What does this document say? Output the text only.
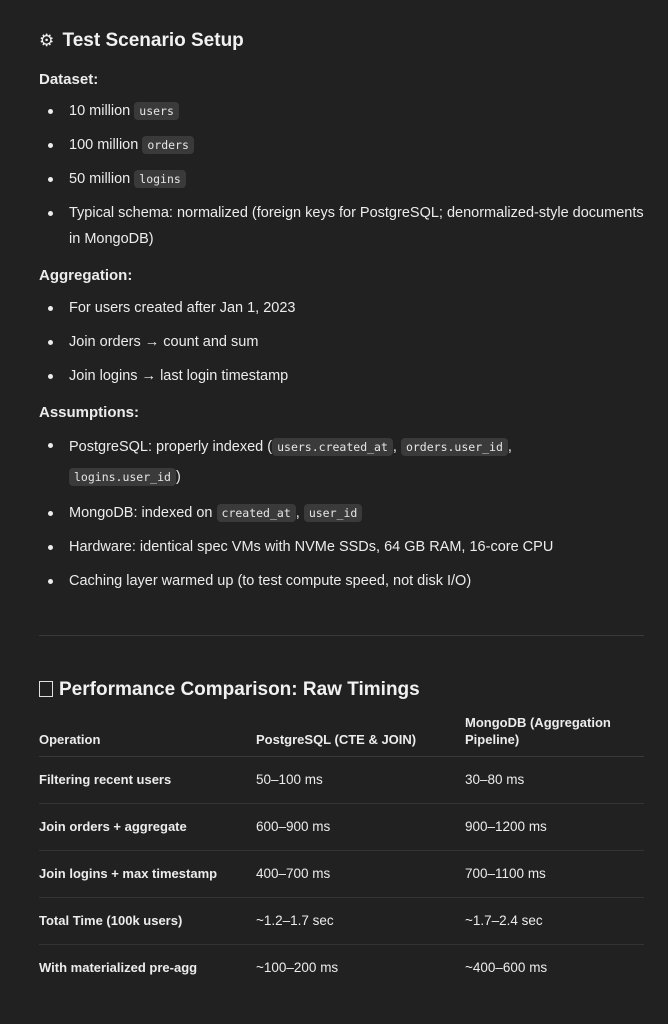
⚙ Test Scenario Setup

Dataset:

10 million users
100 million orders
50 million logins
Typical schema: normalized (foreign keys for PostgreSQL; denormalized-style documents in MongoDB)

Aggregation:

For users created after Jan 1, 2023
Join orders → count and sum
Join logins → last login timestamp

Assumptions:

PostgreSQL: properly indexed ( users.created_at , orders.user_id ,
logins.user_id )
MongoDB: indexed on created_at , user_id
Hardware: identical spec VMs with NVMe SSDs, 64 GB RAM, 16-core CPU
Caching layer warmed up (to test compute speed, not disk I/O)
Performance Comparison: Raw Timings
Operation	PostgreSQL (CTE & JOIN)	MongoDB (Aggregation Pipeline)
Filtering recent users	50–100 ms	30–80 ms
Join orders + aggregate	600–900 ms	900–1200 ms
Join logins + max timestamp	400–700 ms	700–1100 ms
Total Time (100k users)	~1.2–1.7 sec	~1.7–2.4 sec
With materialized pre-agg	~100–200 ms	~400–600 ms
